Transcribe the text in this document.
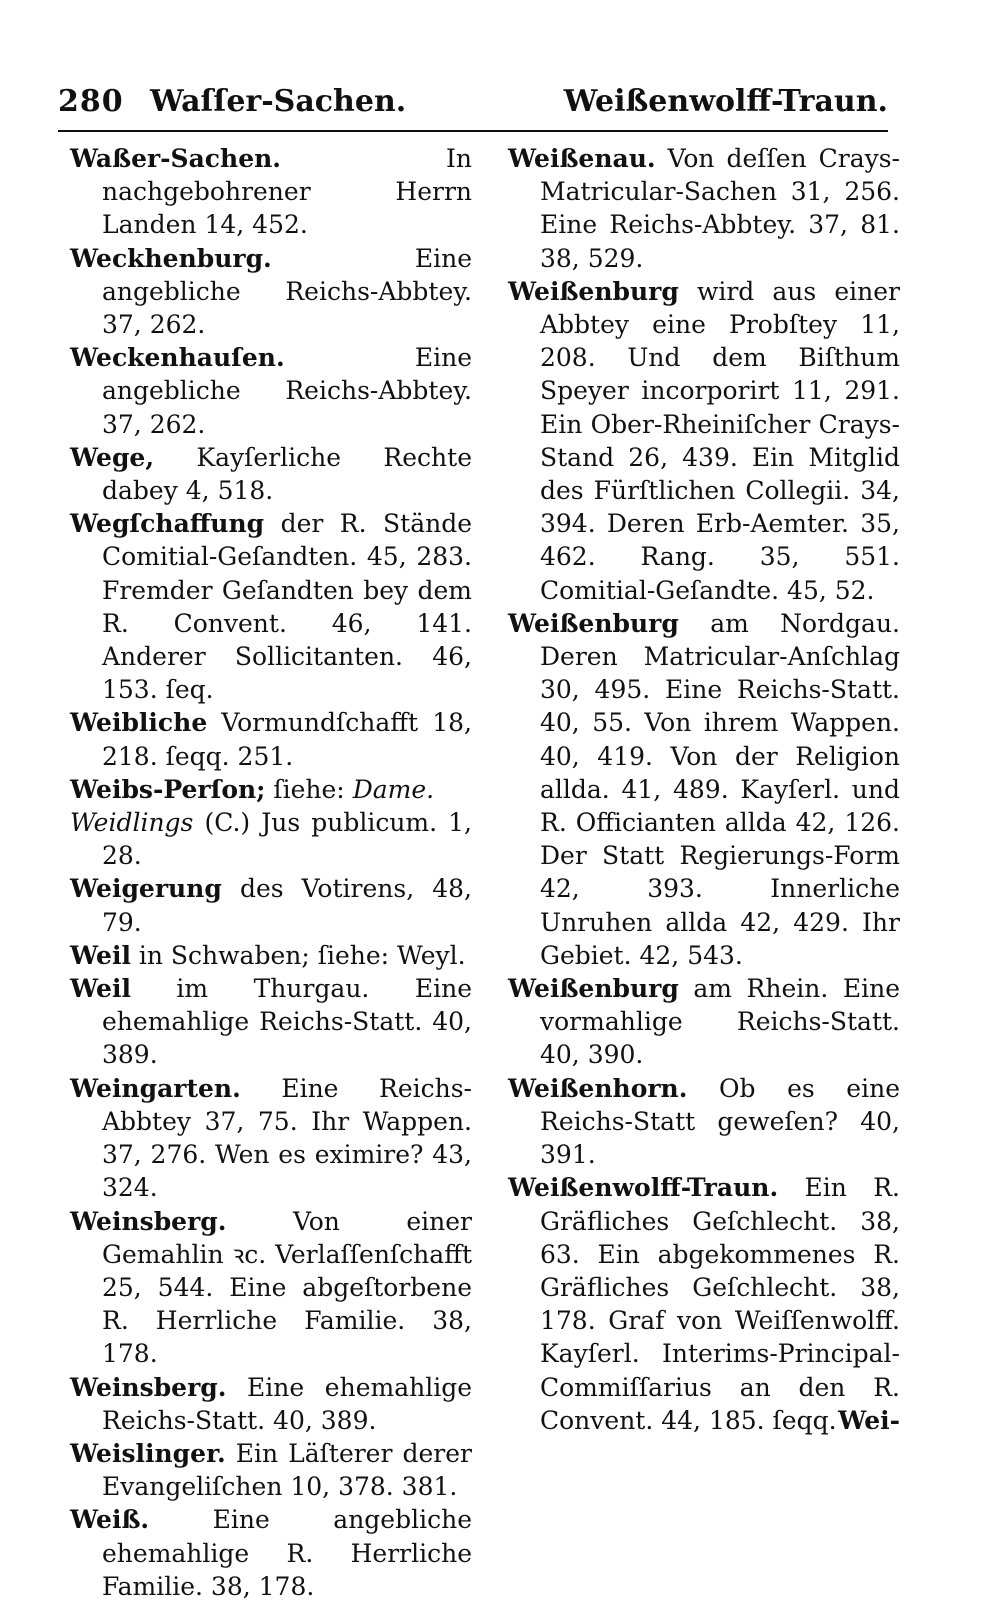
280 Waſſer-Sachen.	Weißenwolff-Traun.

Waßer-Sachen. In nachgebohrener Herrn Landen 14, 452.

Weckhenburg. Eine angebliche Reichs-Abbtey. 37, 262.

Weckenhauſen. Eine angebliche Reichs-Abbtey. 37, 262.

Wege, Kayſerliche Rechte dabey 4, 518.

Wegſchaffung der R. Stände Comitial-Geſandten. 45, 283. Fremder Geſandten bey dem R. Convent. 46, 141. Anderer Sollicitanten. 46, 153. ſeq.

Weibliche Vormundſchafft 18, 218. ſeqq. 251.

Weibs-Perſon; ſiehe: Dame.

Weidlings (C.) Jus publicum. 1, 28.

Weigerung des Votirens, 48, 79.

Weil in Schwaben; ſiehe: Weyl.

Weil im Thurgau. Eine ehemahlige Reichs-Statt. 40, 389.

Weingarten. Eine Reichs-Abbtey 37, 75. Ihr Wappen. 37, 276. Wen es eximire? 43, 324.

Weinsberg. Von einer Gemahlin ꝛc. Verlaſſenſchafft 25, 544. Eine abgeſtorbene R. Herrliche Familie. 38, 178.

Weinsberg. Eine ehemahlige Reichs-Statt. 40, 389.

Weislinger. Ein Läſterer derer Evangeliſchen 10, 378. 381.

Weiß. Eine angebliche ehemahlige R. Herrliche Familie. 38, 178.

Weißenau. Von deſſen Crays-Matricular-Sachen 31, 256. Eine Reichs-Abbtey. 37, 81. 38, 529.

Weißenburg wird aus einer Abbtey eine Probſtey 11, 208. Und dem Biſthum Speyer incorporirt 11, 291. Ein Ober-Rheiniſcher Crays-Stand 26, 439. Ein Mitglid des Fürſtlichen Collegii. 34, 394. Deren Erb-Aemter. 35, 462. Rang. 35, 551. Comitial-Geſandte. 45, 52.

Weißenburg am Nordgau. Deren Matricular-Anſchlag 30, 495. Eine Reichs-Statt. 40, 55. Von ihrem Wappen. 40, 419. Von der Religion allda. 41, 489. Kayſerl. und R. Officianten allda 42, 126. Der Statt Regierungs-Form 42, 393. Innerliche Unruhen allda 42, 429. Ihr Gebiet. 42, 543.

Weißenburg am Rhein. Eine vormahlige Reichs-Statt. 40, 390.

Weißenhorn. Ob es eine Reichs-Statt geweſen? 40, 391.

Weißenwolff-Traun. Ein R. Gräfliches Geſchlecht. 38, 63. Ein abgekommenes R. Gräfliches Geſchlecht. 38, 178. Graf von Weiſſenwolff. Kayſerl. Interims-Principal-Commiſſarius an den R. Convent. 44, 185. ſeqq. Wei-
